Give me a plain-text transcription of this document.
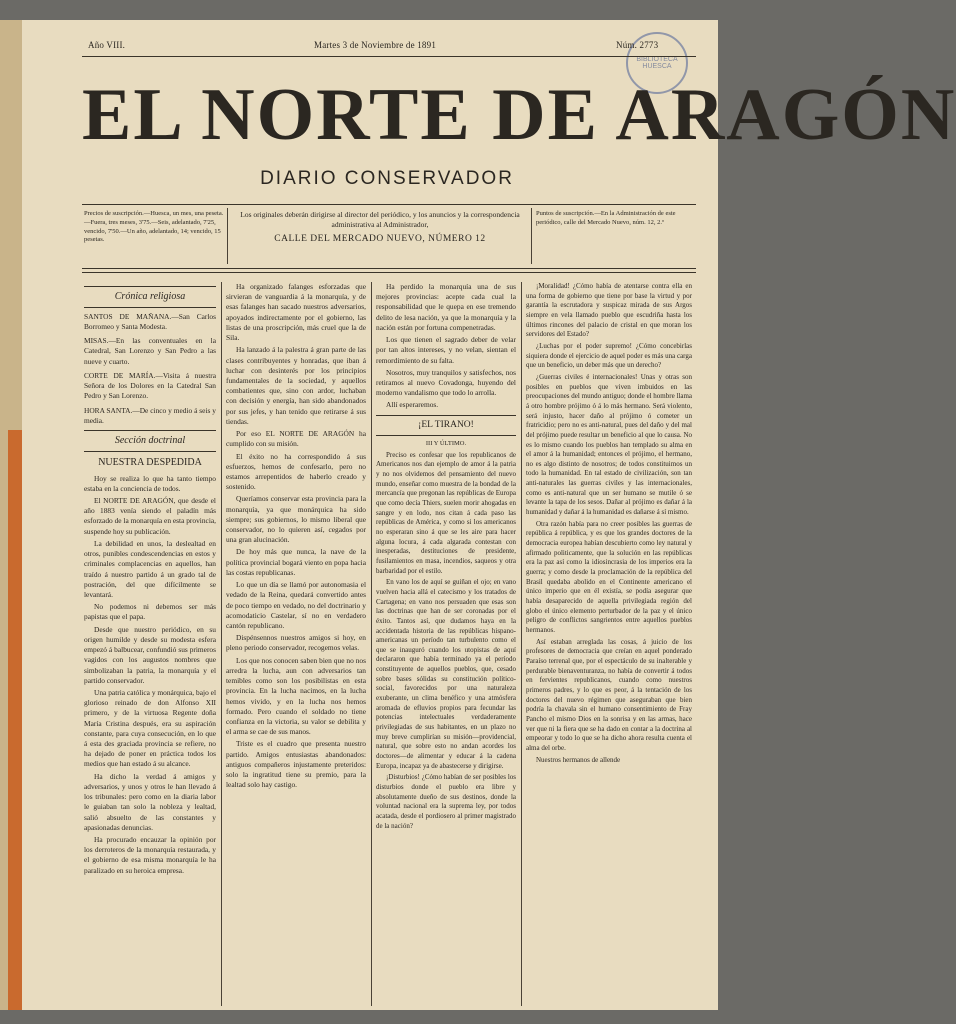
BIBLIOTECA HUESCA
Año VIII.	Martes 3 de Noviembre de 1891	Núm. 2773
EL NORTE DE ARAGÓN
DIARIO CONSERVADOR

Precios de suscripción.—Huesca, un mes, una peseta.—Fuera, tres meses, 3'75.—Seis, adelantado, 7'25, vencido, 7'50.—Un año, adelantado, 14; vencido, 15 pesetas.

Los originales deberán dirigirse al director del periódico, y los anuncios y la correspondencia administrativa al Administrador,

CALLE DEL MERCADO NUEVO, NÚMERO 12

Puntos de suscripción.—En la Administración de este periódico, calle del Mercado Nuevo, núm. 12, 2.º

Crónica religiosa

SANTOS DE MAÑANA.—San Carlos Borromeo y Santa Modesta.

MISAS.—En las conventuales en la Catedral, San Lorenzo y San Pedro a las nueve y cuarto.

CORTE DE MARÍA.—Visita á nuestra Señora de los Dolores en la Catedral San Pedro y San Lorenzo.

HORA SANTA.—De cinco y medio á seis y media.

Sección doctrinal
NUESTRA DESPEDIDA

Hoy se realiza lo que ha tanto tiempo estaba en la conciencia de todos.

El NORTE DE ARAGÓN, que desde el año 1883 venía siendo el paladín más esforzado de la monarquía en esta provincia, suspende hoy su publicación.

La debilidad en unos, la deslealtad en otros, punibles condescendencias en estos y criminales complacencias en aquellos, han traído á nuestro partido á un grado tal de postración, del que difícilmente se levantará.

No podemos ni debemos ser más papistas que el papa.

Desde que nuestro periódico, en su origen humilde y desde su modesta esfera empezó á balbucear, confundió sus primeros vagidos con los augustos nombres que simbolizaban la patria, la monarquía y el partido conservador.

Una patria católica y monárquica, bajo el glorioso reinado de don Alfonso XII primero, y de la virtuosa Regente doña María Cristina después, era su aspiración constante, para cuya consecución, en lo que á esta des graciada provincia se refiere, no ha dejado de poner en práctica todos los medios que han estado á su alcance.

Ha dicho la verdad á amigos y adversarios, y unos y otros le han llevado á los tribunales: pero como en la diaria labor le guiaban tan solo la nobleza y lealtad, salió absuelto de las constantes y apasionadas denuncias.

Ha procurado encauzar la opinión por los derroteros de la monarquía restaurada, y el gobierno de esa misma monarquía le ha paralizado en su heroica empresa.

Ha organizado falanges esforzadas que sirvieran de vanguardia á la monarquía, y de esas falanges han sacado nuestros adversarios, apoyados indirectamente por el gobierno, las listas de una proscripción, más cruel que la de Sila.

Ha lanzado á la palestra á gran parte de las clases contribuyentes y honradas, que iban á luchar con desinterés por los principios fundamentales de la sociedad, y aquellos combatientes que, sino con ardor, luchaban con decisión y energía, han sido abandonados por sus jefes, y han tenido que retirarse á sus tiendas.

Por eso EL NORTE DE ARAGÓN ha cumplido con su misión.

El éxito no ha correspondido á sus esfuerzos, hemos de confesarlo, pero no estamos arrepentidos de haberlo creado y sostenido.

Queríamos conservar esta provincia para la monarquía, ya que monárquica ha sido siempre; sus gobiernos, lo mismo liberal que conservador, no lo quieren así, cegados por una gran alucinación.

De hoy más que nunca, la nave de la política provincial bogará viento en popa hacia las costas republicanas.

Lo que un día se llamó por autonomasia el vedado de la Reina, quedará convertido antes de poco tiempo en vedado, no del doctrinario y acomodaticio Castelar, sí no en verdadero cantón republicano.

Dispénsennos nuestros amigos si hoy, en pleno periodo conservador, recogemos velas.

Los que nos conocen saben bien que no nos arredra la lucha, aun con adversarios tan temibles como son los posibilistas en esta provincia. En la lucha nacimos, en la lucha hemos vivido, y en la lucha nos hemos formado. Pero cuando el soldado no tiene confianza en la victoria, su valor se debilita y el arma se cae de sus manos.

Triste es el cuadro que presenta nuestro partido. Amigos entusiastas abandonados: antiguos compañeros injustamente preteridos: solo la ingratitud tiene su premio, para la lealtad solo hay castigo.

Ha perdido la monarquía una de sus mejores provincias: acepte cada cual la responsabilidad que le quepa en ese tremendo delito de lesa nación, ya que la monarquía y la nación están por fortuna compenetradas.

Los que tienen el sagrado deber de velar por tan altos intereses, y no velan, sientan el remordimiento de su falta.

Nosotros, muy tranquilos y satisfechos, nos retiramos al nuevo Covadonga, huyendo del moderno vandalismo que todo lo arrolla.

Allí esperaremos.

¡EL TIRANO!

III Y ÚLTIMO.

Preciso es confesar que los republicanos de Americanos nos dan ejemplo de amor á la patria y no nos olvidemos del pensamiento del nuevo mundo, enseñar como muestra de la bondad de la mercancía que pregonan las repúblicas de Europa que como decía Thiers, suelen morir ahogadas en sangre y en lodo, nos citan á cada paso las repúblicas de América, y como si los americanos no esperaran sino á que se les aire para hacer alguna locura, á cada algarada contestan con inesperadas, destituciones de presidente, fusilamientos en masa, incendios, saqueos y otra barbaridad por el estilo.

En vano los de aquí se guiñan el ojo; en vano vuelven hacia allá el catecismo y los tratados de Cartagena; en vano nos persuaden que esas son las doctrinas que han de ser coronadas por el éxito. Tantos así, que dudamos haya en la accidentada historia de las repúblicas hispano-americanas un período tan turbulento como el que se inauguró cuando los utopistas de aquí declararon que había terminado ya el período constituyente de aquellos pueblos, que, cesado sobre bases sólidas su constitución político-social, favorecidos por una naturaleza exuberante, un clima benéfico y una atmósfera aromada de efluvios propios para fecundar las potencias intelectuales verdaderamente privilegiadas de sus habitantes, en un plazo no muy breve cumplirían su misión—providencial, natural, que sobre esto no andan acordes los doctores—de alimentar y educar á la cadena Europa, incapaz ya de abastecerse y dirigirse.

¡Disturbios! ¿Cómo habían de ser posibles los disturbios donde el pueblo era libre y absolutamente dueño de sus destinos, donde la voluntad nacional era la suprema ley, por todos acatada, desde el pordiosero al primer magistrado de la nación?

¡Moralidad! ¿Cómo había de atentarse contra ella en una forma de gobierno que tiene por base la virtud y por garantía la escrutadora y suspicaz mirada de sus Argos siempre en vela llamado pueblo que escudriña hasta los últimos rincones del palacio de cristal en que moran los servidores del Estado?

¿Luchas por el poder supremo! ¿Cómo concebirlas siquiera donde el ejercicio de aquel poder es más una carga que un beneficio, un deber más que un derecho?

¿Guerras civiles é internacionales! Unas y otras son posibles en pueblos que viven imbuidos en las preocupaciones del mundo antiguo; donde el hombre llama á otro hombre prójimo ó á lo más hermano. Será violento, será injusto, hacer daño al prójimo ó cometer un fratricidio; pero no es anti-natural, pues del daño y del mal del prójimo puede resultar un beneficio al que lo causa. No es lo mismo cuando los pueblos han templado su alma en el amor á la humanidad; entonces el prójimo, el hermano, no es algo distinto de nosotros; de todos constituimos un todo la humanidad. En tal estado de civilización, son tan anti-naturales las guerras civiles y las internacionales, como es anti-natural que un ser humano se mutile ó se levante la tapa de los sesos. Dañar al prójimo es dañar á la humanidad y dañar á la humanidad es dañarse á sí mismo.

Otra razón había para no creer posibles las guerras de república á república, y es que los grandes doctores de la democracia europea habían descubierto como ley natural y afirmado politicamente, que la solución en las repúblicas era la paz así como la idiosincrasia de los imperios era la guerra; y como desde la proclamación de la república del Brasil quedaba abolido en el Continente americano el único imperio que en él existía, se podía asegurar que había desaparecido de aquella privilegiada región del globo el único elemento perturbador de la paz y el único peligro de conflictos sangrientos entre aquellos pueblos hermanos.

Así estaban arreglada las cosas, á juicio de los profesores de democracia que creían en aquel ponderado Paraíso terrenal que, por el espectáculo de su inalterable y perdurable bienaventuranza, no había de convertir á todos en fervientes republicanos, cuando como nuestros primeros padres, y lo que es peor, á la tentación de los doctores del nuevo régimen que aseguraban que bien podría la chavala sin el humano consentimiento de Fray Pancho el mismo Dios en la sonrisa y en las armas, hace ver que ni la fiera que se ha dado en contar a la doctrina al empeorar y todo lo que se ha dicho ahora resulta cuenta el alma del orbe.

Nuestros hermanos de allende
